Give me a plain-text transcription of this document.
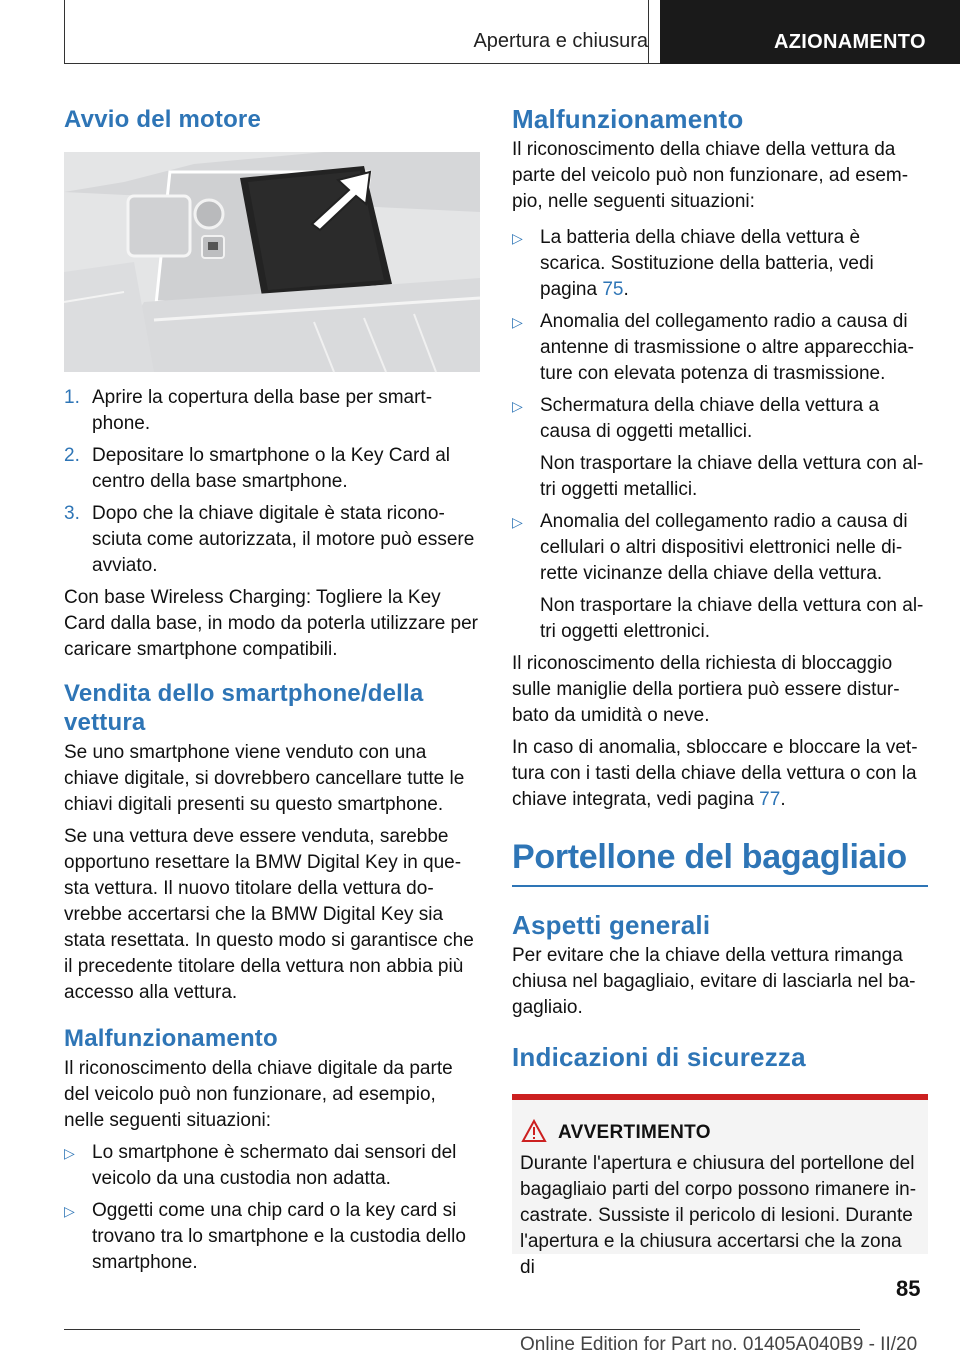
Apertura e chiusura	AZIONAMENTO
Avvio del motore
1. Aprire la copertura della base per smartphone.
2. Depositare lo smartphone o la Key Card al centro della base smartphone.
3. Dopo che la chiave digitale è stata riconosciuta come autorizzata, il motore può essere avviato.

Con base Wireless Charging: Togliere la Key Card dalla base, in modo da poterla utilizzare per caricare smartphone compatibili.

Vendita dello smartphone/della vettura

Se uno smartphone viene venduto con una chiave digitale, si dovrebbero cancellare tutte le chiavi digitali presenti su questo smartphone.

Se una vettura deve essere venduta, sarebbe opportuno resettare la BMW Digital Key in questa vettura. Il nuovo titolare della vettura dovrebbe accertarsi che la BMW Digital Key sia stata resettata. In questo modo si garantisce che il precedente titolare della vettura non abbia più accesso alla vettura.

Malfunzionamento

Il riconoscimento della chiave digitale da parte del veicolo può non funzionare, ad esempio, nelle seguenti situazioni:

▷ Lo smartphone è schermato dai sensori del veicolo da una custodia non adatta.
▷ Oggetti come una chip card o la key card si trovano tra lo smartphone e la custodia dello smartphone.
Malfunzionamento

Il riconoscimento della chiave della vettura da parte del veicolo può non funzionare, ad esempio, nelle seguenti situazioni:

▷ La batteria della chiave della vettura è scarica. Sostituzione della batteria, vedi pagina 75.
▷ Anomalia del collegamento radio a causa di antenne di trasmissione o altre apparecchiature con elevata potenza di trasmissione.
▷ Schermatura della chiave della vettura a causa di oggetti metallici.
Non trasportare la chiave della vettura con altri oggetti metallici.
▷ Anomalia del collegamento radio a causa di cellulari o altri dispositivi elettronici nelle dirette vicinanze della chiave della vettura.
Non trasportare la chiave della vettura con altri oggetti elettronici.

Il riconoscimento della richiesta di bloccaggio sulle maniglie della portiera può essere disturbato da umidità o neve.

In caso di anomalia, sbloccare e bloccare la vettura con i tasti della chiave della vettura o con la chiave integrata, vedi pagina 77.

Portellone del bagagliaio
Aspetti generali

Per evitare che la chiave della vettura rimanga chiusa nel bagagliaio, evitare di lasciarla nel bagagliaio.

Indicazioni di sicurezza
AVVERTIMENTO
Durante l'apertura e chiusura del portellone del bagagliaio parti del corpo possono rimanere incastrate. Sussiste il pericolo di lesioni. Durante l'apertura e la chiusura accertarsi che la zona di
85
Online Edition for Part no. 01405A040B9 - II/20
